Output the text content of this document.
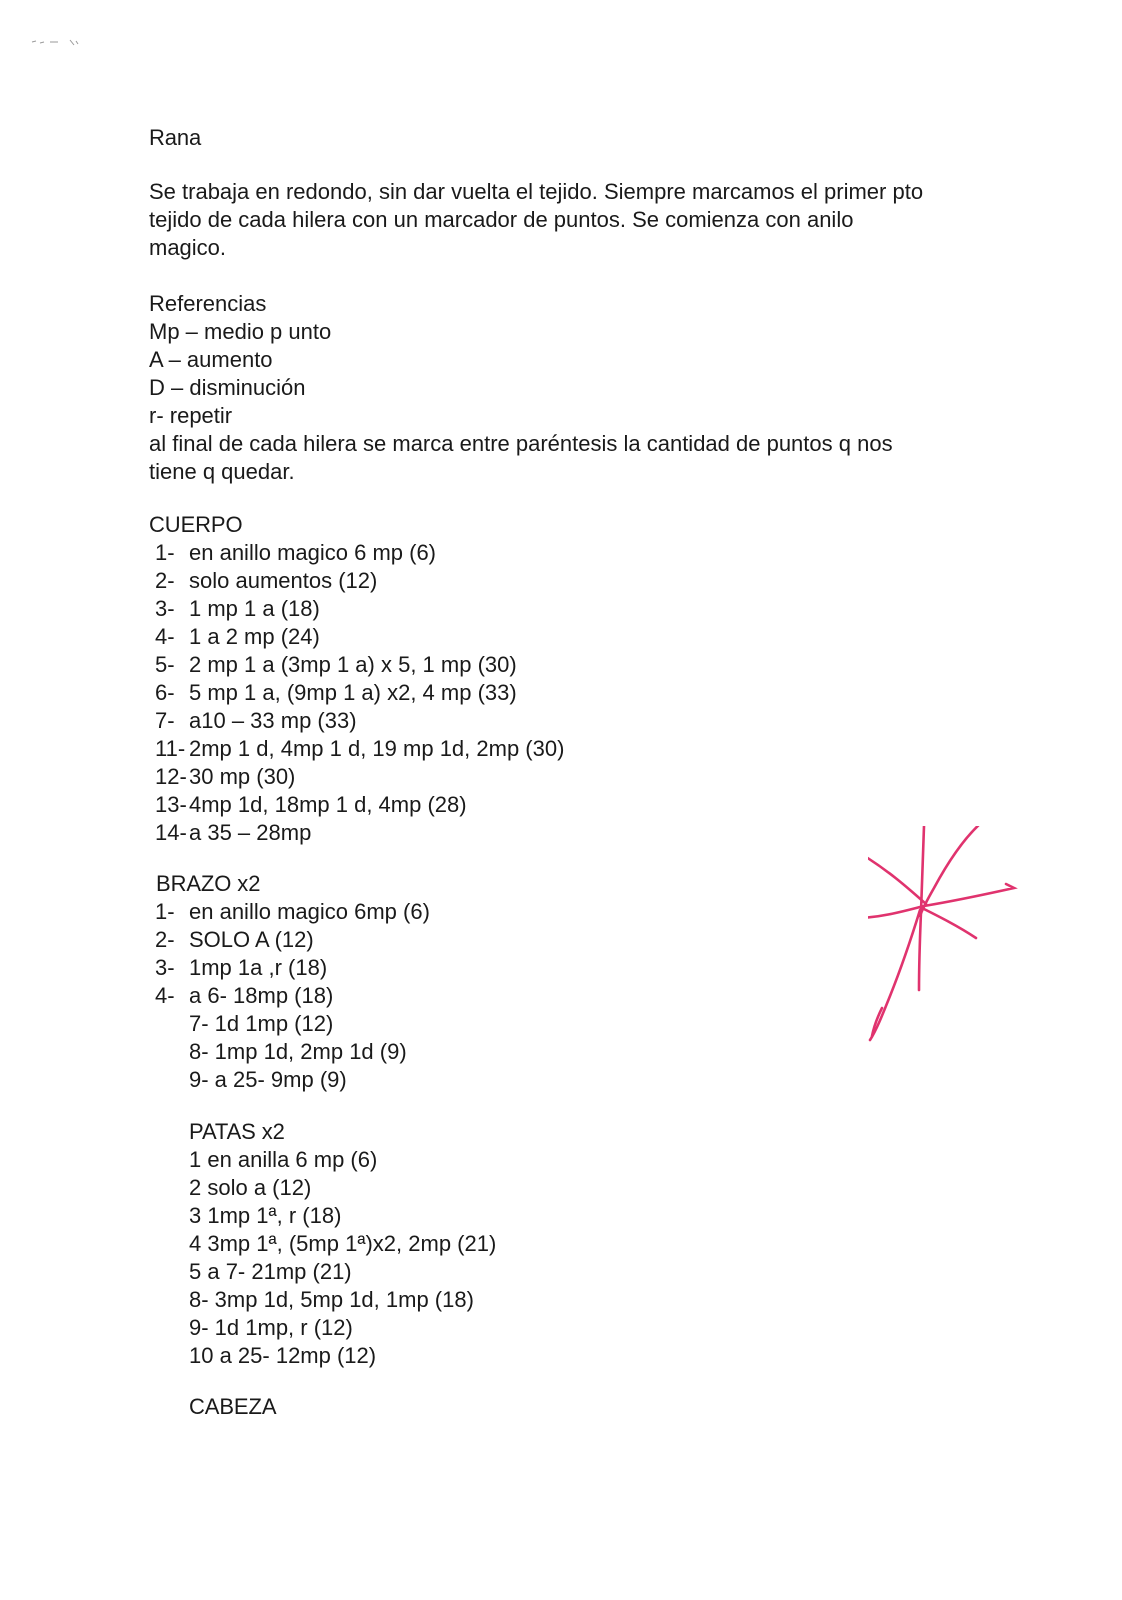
Rana
Se trabaja en redondo, sin dar vuelta el tejido. Siempre marcamos el primer pto
tejido de cada hilera con un marcador de puntos. Se comienza con anilo
magico.
Referencias
Mp – medio p unto
A – aumento
D – disminución
r- repetir
al final de cada hilera se marca entre paréntesis la cantidad de puntos q nos
tiene q quedar.
CUERPO
1- en anillo magico 6 mp (6)
2- solo aumentos (12)
3- 1 mp 1 a (18)
4- 1 a 2 mp (24)
5- 2 mp 1 a (3mp 1 a) x 5, 1 mp (30)
6- 5 mp 1 a, (9mp 1 a) x2, 4 mp (33)
7- a10 – 33 mp (33)
11- 2mp 1 d, 4mp 1 d, 19 mp 1d, 2mp (30)
12- 30 mp (30)
13- 4mp 1d, 18mp 1 d, 4mp (28)
14- a 35 – 28mp
BRAZO x2
1- en anillo magico 6mp (6)
2- SOLO A (12)
3- 1mp 1a ,r (18)
4- a 6- 18mp (18)
7- 1d 1mp (12)
8- 1mp 1d, 2mp 1d (9)
9- a 25- 9mp (9)
PATAS x2
1 en anilla 6 mp (6)
2 solo a (12)
3 1mp 1ª, r (18)
4 3mp 1ª, (5mp 1ª)x2, 2mp (21)
5 a 7- 21mp (21)
8- 3mp 1d, 5mp 1d, 1mp (18)
9- 1d 1mp, r (12)
10 a 25- 12mp (12)
CABEZA
